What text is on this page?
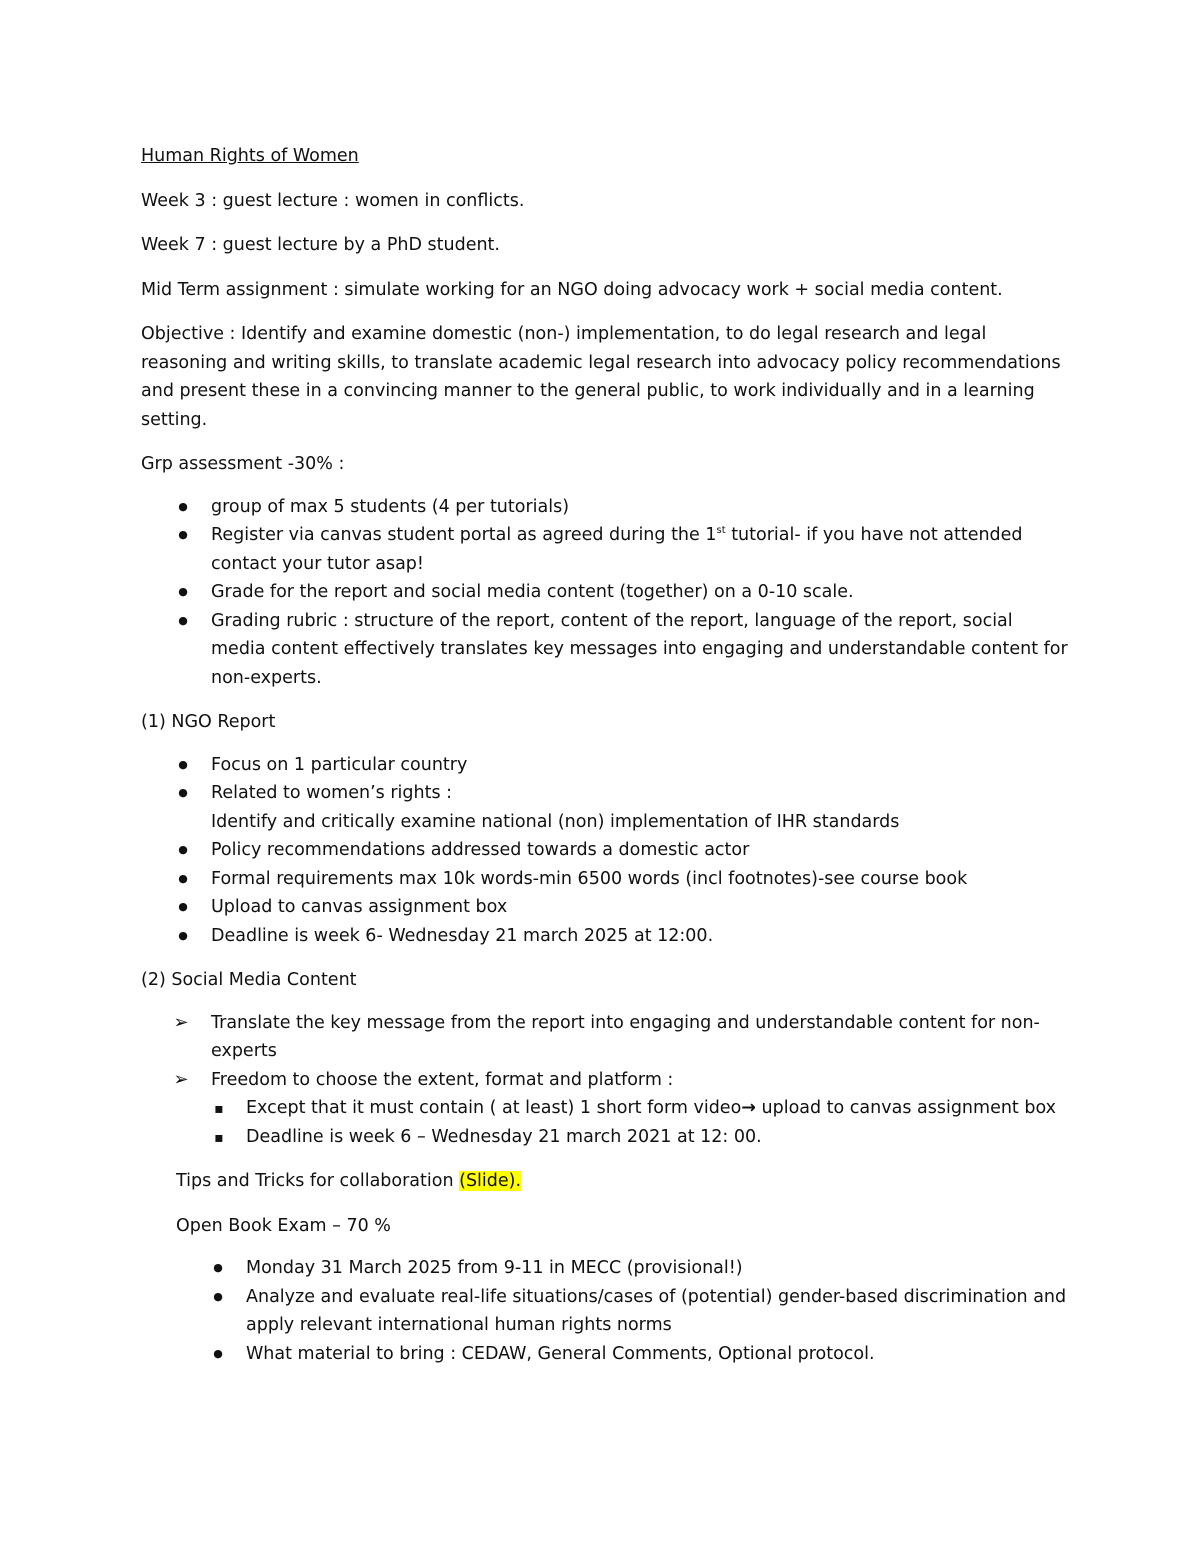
Human Rights of Women

Week 3 : guest lecture : women in conflicts.

Week 7 : guest lecture by a PhD student.

Mid Term assignment : simulate working for an NGO doing advocacy work + social media content.

Objective : Identify and examine domestic (non-) implementation, to do legal research and legal reasoning and writing skills, to translate academic legal research into advocacy policy recommendations and present these in a convincing manner to the general public, to work individually and in a learning setting.

Grp assessment -30% :

●
group of max 5 students (4 per tutorials)
●
Register via canvas student portal as agreed during the 1st tutorial- if you have not attended contact your tutor asap!
●
Grade for the report and social media content (together) on a 0-10 scale.
●
Grading rubric : structure of the report, content of the report, language of the report, social media content effectively translates key messages into engaging and understandable content for non-experts.

(1) NGO Report

●
Focus on 1 particular country
●
Related to women’s rights :
Identify and critically examine national (non) implementation of IHR standards
●
Policy recommendations addressed towards a domestic actor
●
Formal requirements max 10k words-min 6500 words (incl footnotes)-see course book
●
Upload to canvas assignment box
●
Deadline is week 6- Wednesday 21 march 2025 at 12:00.

(2) Social Media Content

➢
Translate the key message from the report into engaging and understandable content for non-experts
➢
Freedom to choose the extent, format and platform :
▪
Except that it must contain ( at least) 1 short form video→ upload to canvas assignment box
▪
Deadline is week 6 – Wednesday 21 march 2021 at 12: 00.

Tips and Tricks for collaboration (Slide).

Open Book Exam – 70 %

●
Monday 31 March 2025 from 9-11 in MECC (provisional!)
●
Analyze and evaluate real-life situations/cases of (potential) gender-based discrimination and apply relevant international human rights norms
●
What material to bring : CEDAW, General Comments, Optional protocol.
